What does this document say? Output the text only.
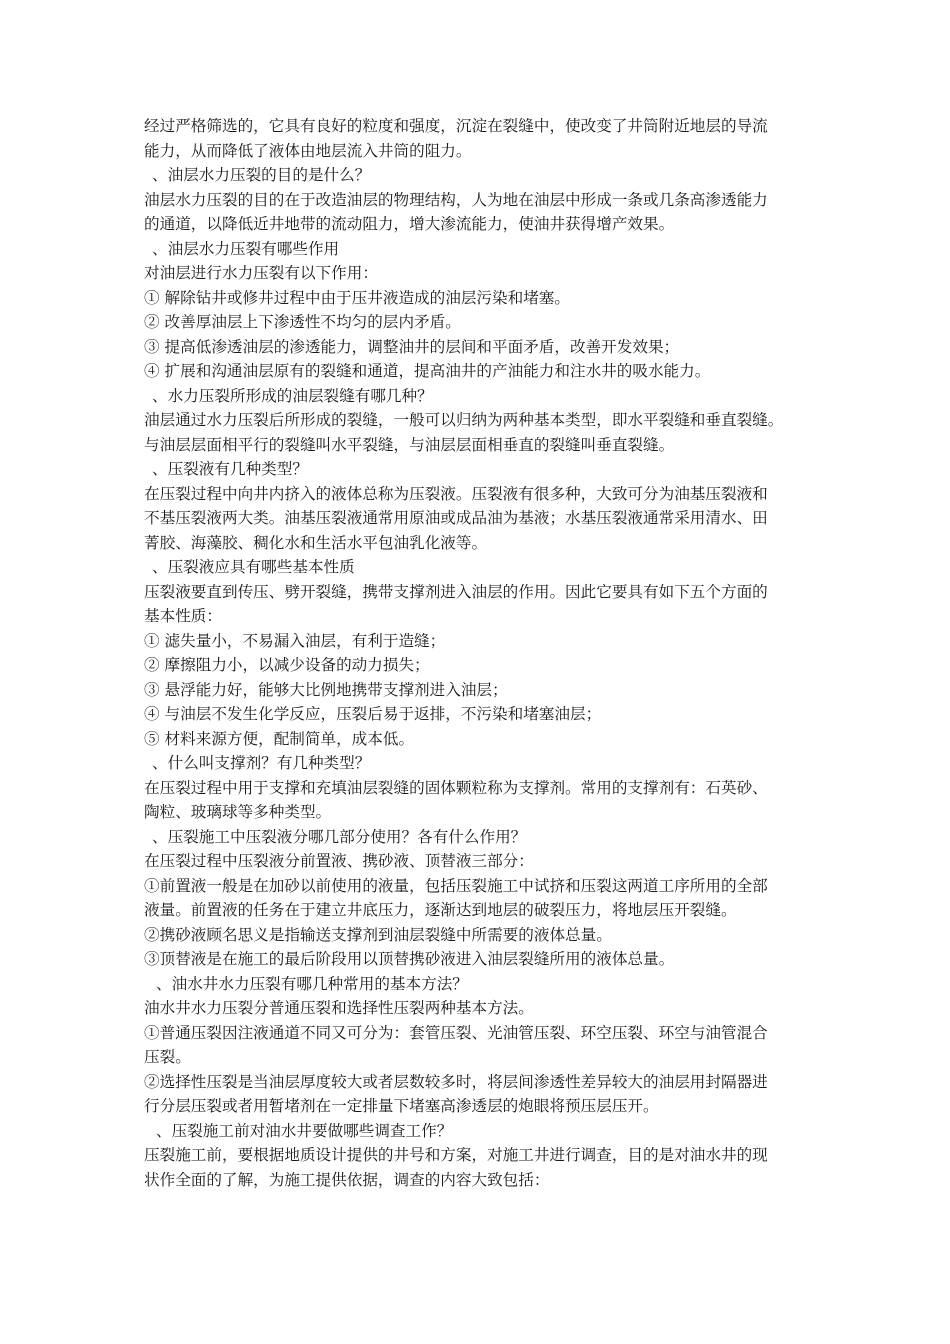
经过严格筛选的，它具有良好的粒度和强度，沉淀在裂缝中，使改变了井筒附近地层的导流
能力，从而降低了液体由地层流入井筒的阻力。
、油层水力压裂的目的是什么？
油层水力压裂的目的在于改造油层的物理结构，人为地在油层中形成一条或几条高渗透能力
的通道，以降低近井地带的流动阻力，增大渗流能力，使油井获得增产效果。
、油层水力压裂有哪些作用
对油层进行水力压裂有以下作用：
① 解除钻井或修井过程中由于压井液造成的油层污染和堵塞。
② 改善厚油层上下渗透性不均匀的层内矛盾。
③ 提高低渗透油层的渗透能力，调整油井的层间和平面矛盾，改善开发效果；
④ 扩展和沟通油层原有的裂缝和通道，提高油井的产油能力和注水井的吸水能力。
、水力压裂所形成的油层裂缝有哪几种？
油层通过水力压裂后所形成的裂缝，一般可以归纳为两种基本类型，即水平裂缝和垂直裂缝。
与油层层面相平行的裂缝叫水平裂缝，与油层层面相垂直的裂缝叫垂直裂缝。
、压裂液有几种类型？
在压裂过程中向井内挤入的液体总称为压裂液。压裂液有很多种，大致可分为油基压裂液和
不基压裂液两大类。油基压裂液通常用原油或成品油为基液；水基压裂液通常采用清水、田
菁胶、海藻胶、稠化水和生活水平包油乳化液等。
、压裂液应具有哪些基本性质
压裂液要直到传压、劈开裂缝，携带支撑剂进入油层的作用。因此它要具有如下五个方面的
基本性质：
① 滤失量小，不易漏入油层，有利于造缝；
② 摩擦阻力小，以减少设备的动力损失；
③ 悬浮能力好，能够大比例地携带支撑剂进入油层；
④ 与油层不发生化学反应，压裂后易于返排，不污染和堵塞油层；
⑤ 材料来源方便，配制简单，成本低。
、什么叫支撑剂？有几种类型？
在压裂过程中用于支撑和充填油层裂缝的固体颗粒称为支撑剂。常用的支撑剂有：石英砂、
陶粒、玻璃球等多种类型。
、压裂施工中压裂液分哪几部分使用？各有什么作用？
在压裂过程中压裂液分前置液、携砂液、顶替液三部分：
①前置液一般是在加砂以前使用的液量，包括压裂施工中试挤和压裂这两道工序所用的全部
液量。前置液的任务在于建立井底压力，逐渐达到地层的破裂压力，将地层压开裂缝。
②携砂液顾名思义是指输送支撑剂到油层裂缝中所需要的液体总量。
③顶替液是在施工的最后阶段用以顶替携砂液进入油层裂缝所用的液体总量。
、油水井水力压裂有哪几种常用的基本方法？
油水井水力压裂分普通压裂和选择性压裂两种基本方法。
①普通压裂因注液通道不同又可分为：套管压裂、光油管压裂、环空压裂、环空与油管混合
压裂。
②选择性压裂是当油层厚度较大或者层数较多时，将层间渗透性差异较大的油层用封隔器进
行分层压裂或者用暂堵剂在一定排量下堵塞高渗透层的炮眼将预压层压开。
、压裂施工前对油水井要做哪些调查工作？
压裂施工前，要根据地质设计提供的井号和方案，对施工井进行调查，目的是对油水井的现
状作全面的了解，为施工提供依据，调查的内容大致包括：
